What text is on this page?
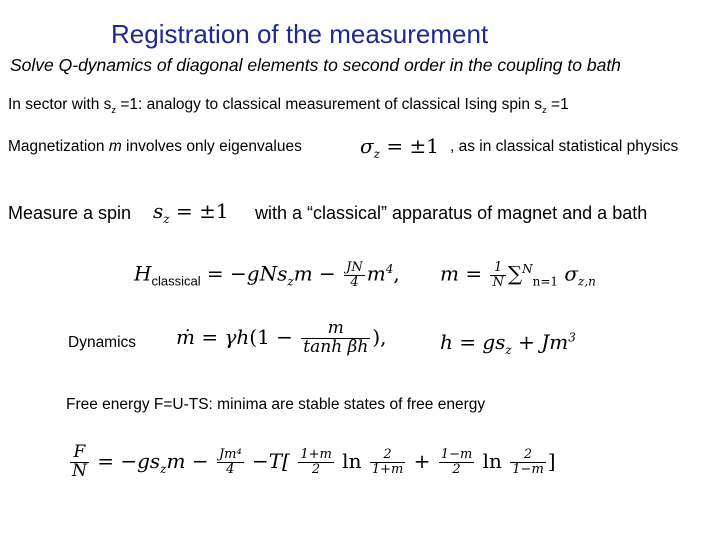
Registration of the measurement
Solve Q-dynamics of diagonal elements to second order in the coupling to bath
In sector with $s_z =1$: analogy to classical measurement of classical Ising spin $s_z =1$
Magnetization m involves only eigenvalues	$\sigma_z = \pm 1$ , as in classical statistical physics
Measure a spin $s_z = \pm 1$ with a “classical” apparatus of magnet and a bath
$H_{classical} = -gNs_zm - \frac{JN}{4} m^4$, $m = \frac{1}{N} \sum^N_{n=1}$ $\sigma_{z,n}$
Dynamics ṁ = $\gamma h(1 - \frac{m}{\text{tanh βh}}$ ),	$h = gs_z + Jm^3$
Free energy F=U-TS: minima are stable states of free energy
$\frac{F}{N} = -gs_zm - \frac{\text{Jm⁴}}{4} -T[ \frac{1+m}{2}$ $\ln \frac{2}{1+m} + \frac{1-m}{2}$ $\ln \frac{2}{1-m}$ ]
